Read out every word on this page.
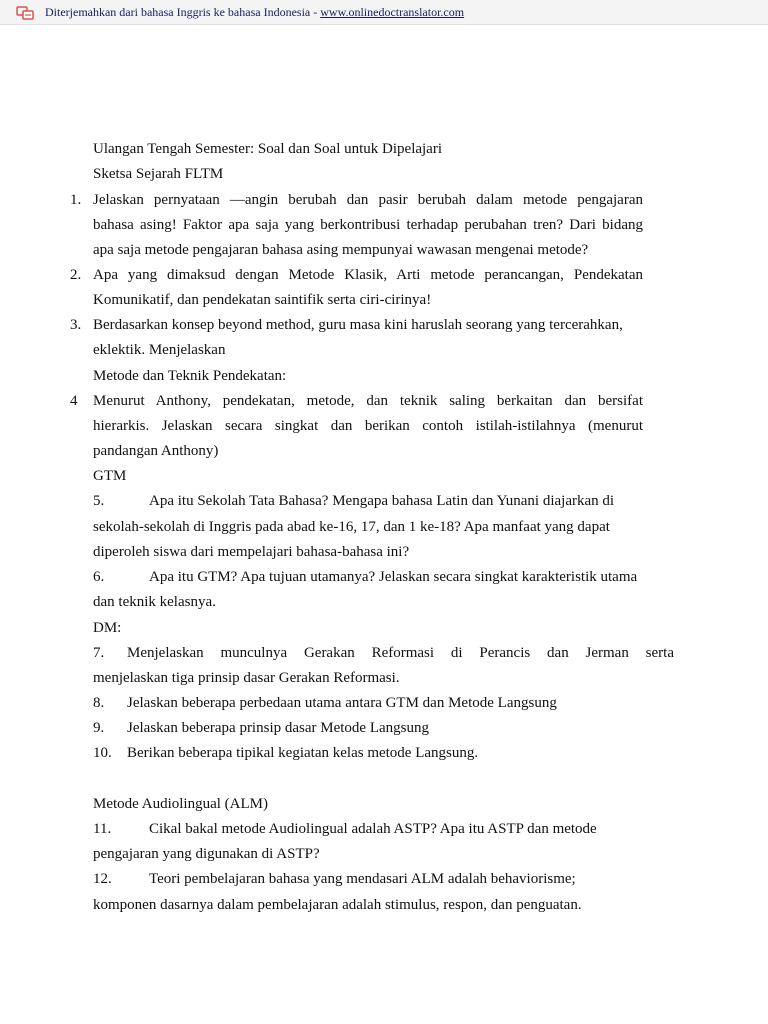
Diterjemahkan dari bahasa Inggris ke bahasa Indonesia - www.onlinedoctranslator.com
Ulangan Tengah Semester: Soal dan Soal untuk Dipelajari
Sketsa Sejarah FLTM
1. Jelaskan pernyataan —angin berubah dan pasir berubah dalam metode pengajaran
bahasa asing! Faktor apa saja yang berkontribusi terhadap perubahan tren? Dari bidang
apa saja metode pengajaran bahasa asing mempunyai wawasan mengenai metode?
2. Apa yang dimaksud dengan Metode Klasik, Arti metode perancangan, Pendekatan
Komunikatif, dan pendekatan saintifik serta ciri-cirinya!
3. Berdasarkan konsep beyond method, guru masa kini haruslah seorang yang tercerahkan,
eklektik. Menjelaskan
Metode dan Teknik Pendekatan:
4 Menurut Anthony, pendekatan, metode, dan teknik saling berkaitan dan bersifat
hierarkis. Jelaskan secara singkat dan berikan contoh istilah-istilahnya (menurut
pandangan Anthony)
GTM
5.	Apa itu Sekolah Tata Bahasa? Mengapa bahasa Latin dan Yunani diajarkan di
sekolah-sekolah di Inggris pada abad ke-16, 17, dan 1 ke-18? Apa manfaat yang dapat
diperoleh siswa dari mempelajari bahasa-bahasa ini?
6.	Apa itu GTM? Apa tujuan utamanya? Jelaskan secara singkat karakteristik utama
dan teknik kelasnya.
DM:
7. Menjelaskan munculnya Gerakan Reformasi di Perancis dan Jerman serta
menjelaskan tiga prinsip dasar Gerakan Reformasi.
8. Jelaskan beberapa perbedaan utama antara GTM dan Metode Langsung
9. Jelaskan beberapa prinsip dasar Metode Langsung
10. Berikan beberapa tipikal kegiatan kelas metode Langsung.
Metode Audiolingual (ALM)
11.	Cikal bakal metode Audiolingual adalah ASTP? Apa itu ASTP dan metode
pengajaran yang digunakan di ASTP?
12. Teori pembelajaran bahasa yang mendasari ALM adalah behaviorisme;
komponen dasarnya dalam pembelajaran adalah stimulus, respon, dan penguatan.
